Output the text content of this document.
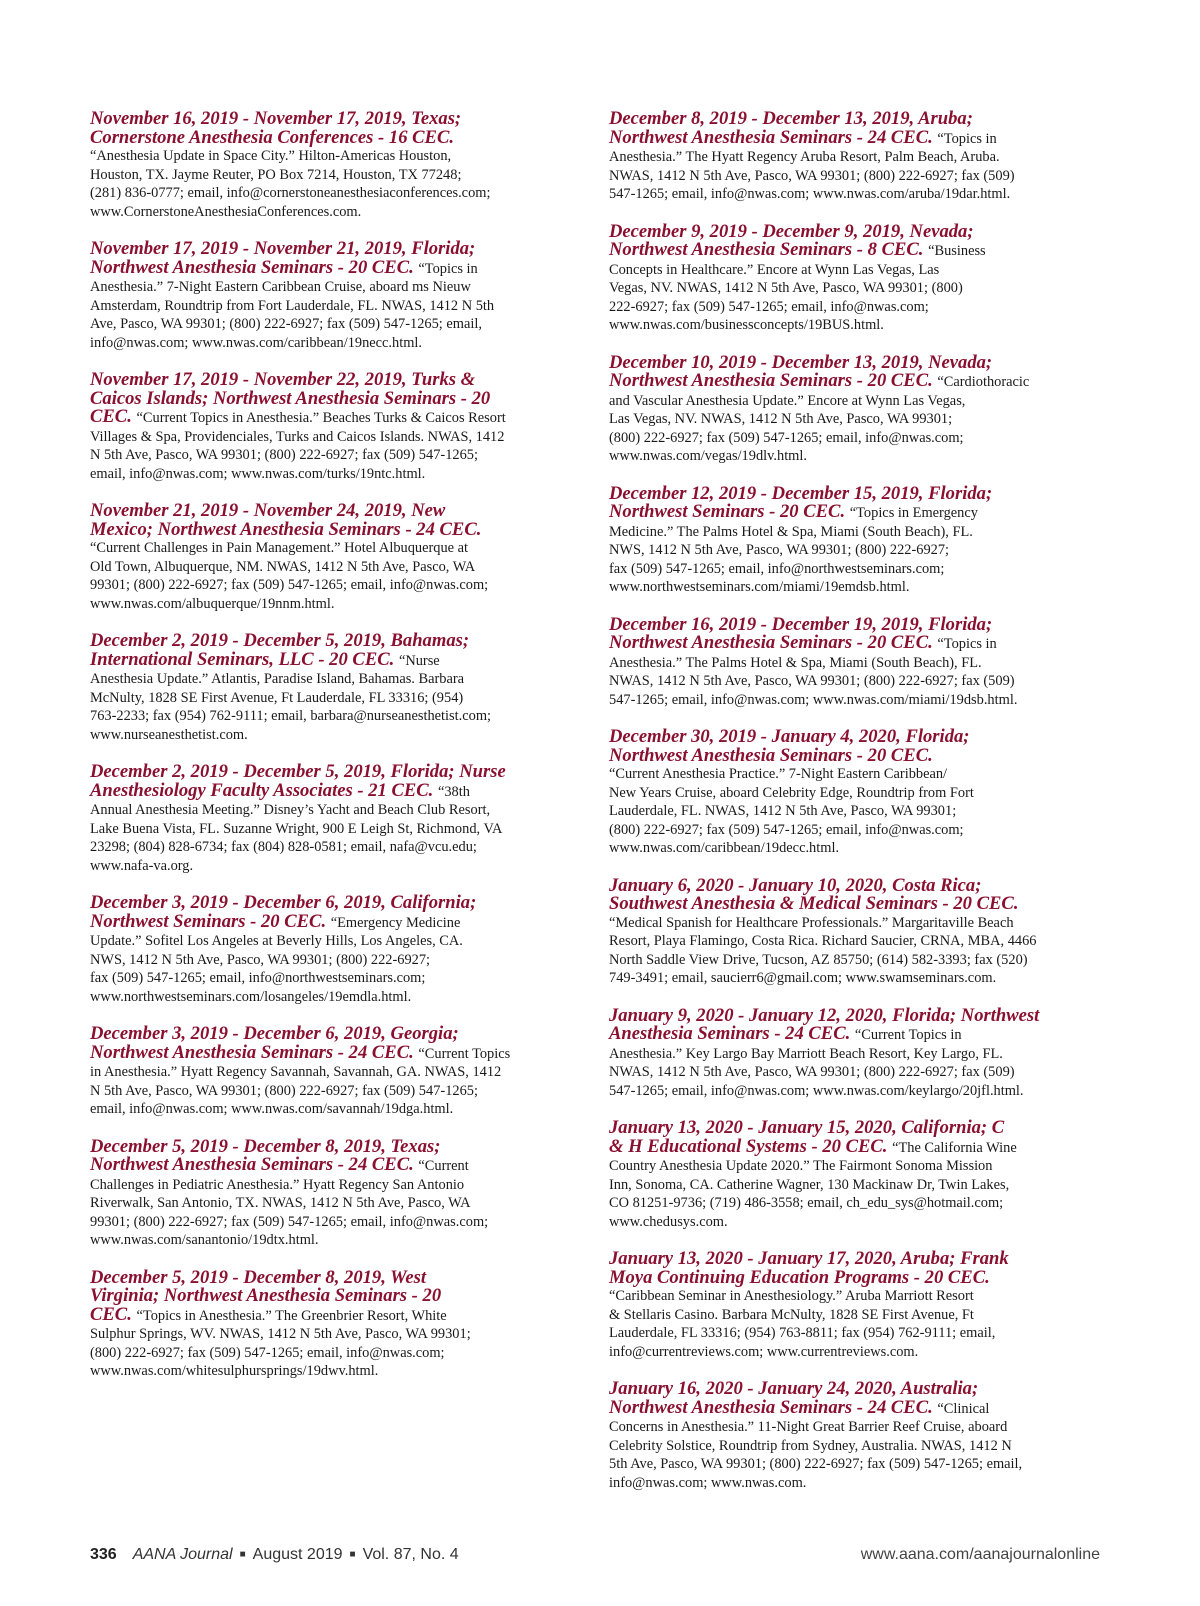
November 16, 2019 - November 17, 2019, Texas;
Cornerstone Anesthesia Conferences - 16 CEC.
“Anesthesia Update in Space City.” Hilton-Americas Houston,
Houston, TX. Jayme Reuter, PO Box 7214, Houston, TX 77248;
(281) 836-0777; email, info@cornerstoneanesthesiaconferences.com;
www.CornerstoneAnesthesiaConferences.com.
November 17, 2019 - November 21, 2019, Florida;
Northwest Anesthesia Seminars - 20 CEC. “Topics in
Anesthesia.” 7-Night Eastern Caribbean Cruise, aboard ms Nieuw
Amsterdam, Roundtrip from Fort Lauderdale, FL. NWAS, 1412 N 5th
Ave, Pasco, WA 99301; (800) 222-6927; fax (509) 547-1265; email,
info@nwas.com; www.nwas.com/caribbean/19necc.html.
November 17, 2019 - November 22, 2019, Turks &
Caicos Islands; Northwest Anesthesia Seminars - 20
CEC. “Current Topics in Anesthesia.” Beaches Turks & Caicos Resort
Villages & Spa, Providenciales, Turks and Caicos Islands. NWAS, 1412
N 5th Ave, Pasco, WA 99301; (800) 222-6927; fax (509) 547-1265;
email, info@nwas.com; www.nwas.com/turks/19ntc.html.
November 21, 2019 - November 24, 2019, New
Mexico; Northwest Anesthesia Seminars - 24 CEC.
“Current Challenges in Pain Management.” Hotel Albuquerque at
Old Town, Albuquerque, NM. NWAS, 1412 N 5th Ave, Pasco, WA
99301; (800) 222-6927; fax (509) 547-1265; email, info@nwas.com;
www.nwas.com/albuquerque/19nnm.html.
December 2, 2019 - December 5, 2019, Bahamas;
International Seminars, LLC - 20 CEC. “Nurse
Anesthesia Update.” Atlantis, Paradise Island, Bahamas. Barbara
McNulty, 1828 SE First Avenue, Ft Lauderdale, FL 33316; (954)
763-2233; fax (954) 762-9111; email, barbara@nurseanesthetist.com;
www.nurseanesthetist.com.
December 2, 2019 - December 5, 2019, Florida; Nurse
Anesthesiology Faculty Associates - 21 CEC. “38th
Annual Anesthesia Meeting.” Disney’s Yacht and Beach Club Resort,
Lake Buena Vista, FL. Suzanne Wright, 900 E Leigh St, Richmond, VA
23298; (804) 828-6734; fax (804) 828-0581; email, nafa@vcu.edu;
www.nafa-va.org.
December 3, 2019 - December 6, 2019, California;
Northwest Seminars - 20 CEC. “Emergency Medicine
Update.” Sofitel Los Angeles at Beverly Hills, Los Angeles, CA.
NWS, 1412 N 5th Ave, Pasco, WA 99301; (800) 222-6927;
fax (509) 547-1265; email, info@northwestseminars.com;
www.northwestseminars.com/losangeles/19emdla.html.
December 3, 2019 - December 6, 2019, Georgia;
Northwest Anesthesia Seminars - 24 CEC. “Current Topics
in Anesthesia.” Hyatt Regency Savannah, Savannah, GA. NWAS, 1412
N 5th Ave, Pasco, WA 99301; (800) 222-6927; fax (509) 547-1265;
email, info@nwas.com; www.nwas.com/savannah/19dga.html.
December 5, 2019 - December 8, 2019, Texas;
Northwest Anesthesia Seminars - 24 CEC. “Current
Challenges in Pediatric Anesthesia.” Hyatt Regency San Antonio
Riverwalk, San Antonio, TX. NWAS, 1412 N 5th Ave, Pasco, WA
99301; (800) 222-6927; fax (509) 547-1265; email, info@nwas.com;
www.nwas.com/sanantonio/19dtx.html.
December 5, 2019 - December 8, 2019, West
Virginia; Northwest Anesthesia Seminars - 20
CEC. “Topics in Anesthesia.” The Greenbrier Resort, White
Sulphur Springs, WV. NWAS, 1412 N 5th Ave, Pasco, WA 99301;
(800) 222-6927; fax (509) 547-1265; email, info@nwas.com;
www.nwas.com/whitesulphursprings/19dwv.html.
December 8, 2019 - December 13, 2019, Aruba;
Northwest Anesthesia Seminars - 24 CEC. “Topics in
Anesthesia.” The Hyatt Regency Aruba Resort, Palm Beach, Aruba.
NWAS, 1412 N 5th Ave, Pasco, WA 99301; (800) 222-6927; fax (509)
547-1265; email, info@nwas.com; www.nwas.com/aruba/19dar.html.
December 9, 2019 - December 9, 2019, Nevada;
Northwest Anesthesia Seminars - 8 CEC. “Business
Concepts in Healthcare.” Encore at Wynn Las Vegas, Las
Vegas, NV. NWAS, 1412 N 5th Ave, Pasco, WA 99301; (800)
222-6927; fax (509) 547-1265; email, info@nwas.com;
www.nwas.com/businessconcepts/19BUS.html.
December 10, 2019 - December 13, 2019, Nevada;
Northwest Anesthesia Seminars - 20 CEC. “Cardiothoracic
and Vascular Anesthesia Update.” Encore at Wynn Las Vegas,
Las Vegas, NV. NWAS, 1412 N 5th Ave, Pasco, WA 99301;
(800) 222-6927; fax (509) 547-1265; email, info@nwas.com;
www.nwas.com/vegas/19dlv.html.
December 12, 2019 - December 15, 2019, Florida;
Northwest Seminars - 20 CEC. “Topics in Emergency
Medicine.” The Palms Hotel & Spa, Miami (South Beach), FL.
NWS, 1412 N 5th Ave, Pasco, WA 99301; (800) 222-6927;
fax (509) 547-1265; email, info@northwestseminars.com;
www.northwestseminars.com/miami/19emdsb.html.
December 16, 2019 - December 19, 2019, Florida;
Northwest Anesthesia Seminars - 20 CEC. “Topics in
Anesthesia.” The Palms Hotel & Spa, Miami (South Beach), FL.
NWAS, 1412 N 5th Ave, Pasco, WA 99301; (800) 222-6927; fax (509)
547-1265; email, info@nwas.com; www.nwas.com/miami/19dsb.html.
December 30, 2019 - January 4, 2020, Florida;
Northwest Anesthesia Seminars - 20 CEC.
“Current Anesthesia Practice.” 7-Night Eastern Caribbean/
New Years Cruise, aboard Celebrity Edge, Roundtrip from Fort
Lauderdale, FL. NWAS, 1412 N 5th Ave, Pasco, WA 99301;
(800) 222-6927; fax (509) 547-1265; email, info@nwas.com;
www.nwas.com/caribbean/19decc.html.
January 6, 2020 - January 10, 2020, Costa Rica;
Southwest Anesthesia & Medical Seminars - 20 CEC.
“Medical Spanish for Healthcare Professionals.” Margaritaville Beach
Resort, Playa Flamingo, Costa Rica. Richard Saucier, CRNA, MBA, 4466
North Saddle View Drive, Tucson, AZ 85750; (614) 582-3393; fax (520)
749-3491; email, saucierr6@gmail.com; www.swamseminars.com.
January 9, 2020 - January 12, 2020, Florida; Northwest
Anesthesia Seminars - 24 CEC. “Current Topics in
Anesthesia.” Key Largo Bay Marriott Beach Resort, Key Largo, FL.
NWAS, 1412 N 5th Ave, Pasco, WA 99301; (800) 222-6927; fax (509)
547-1265; email, info@nwas.com; www.nwas.com/keylargo/20jfl.html.
January 13, 2020 - January 15, 2020, California; C
& H Educational Systems - 20 CEC. “The California Wine
Country Anesthesia Update 2020.” The Fairmont Sonoma Mission
Inn, Sonoma, CA. Catherine Wagner, 130 Mackinaw Dr, Twin Lakes,
CO 81251-9736; (719) 486-3558; email, ch_edu_sys@hotmail.com;
www.chedusys.com.
January 13, 2020 - January 17, 2020, Aruba; Frank
Moya Continuing Education Programs - 20 CEC.
“Caribbean Seminar in Anesthesiology.” Aruba Marriott Resort
& Stellaris Casino. Barbara McNulty, 1828 SE First Avenue, Ft
Lauderdale, FL 33316; (954) 763-8811; fax (954) 762-9111; email,
info@currentreviews.com; www.currentreviews.com.
January 16, 2020 - January 24, 2020, Australia;
Northwest Anesthesia Seminars - 24 CEC. “Clinical
Concerns in Anesthesia.” 11-Night Great Barrier Reef Cruise, aboard
Celebrity Solstice, Roundtrip from Sydney, Australia. NWAS, 1412 N
5th Ave, Pasco, WA 99301; (800) 222-6927; fax (509) 547-1265; email,
info@nwas.com; www.nwas.com.
336 AANA Journal ■ August 2019 ■ Vol. 87, No. 4	www.aana.com/aanajournalonline
